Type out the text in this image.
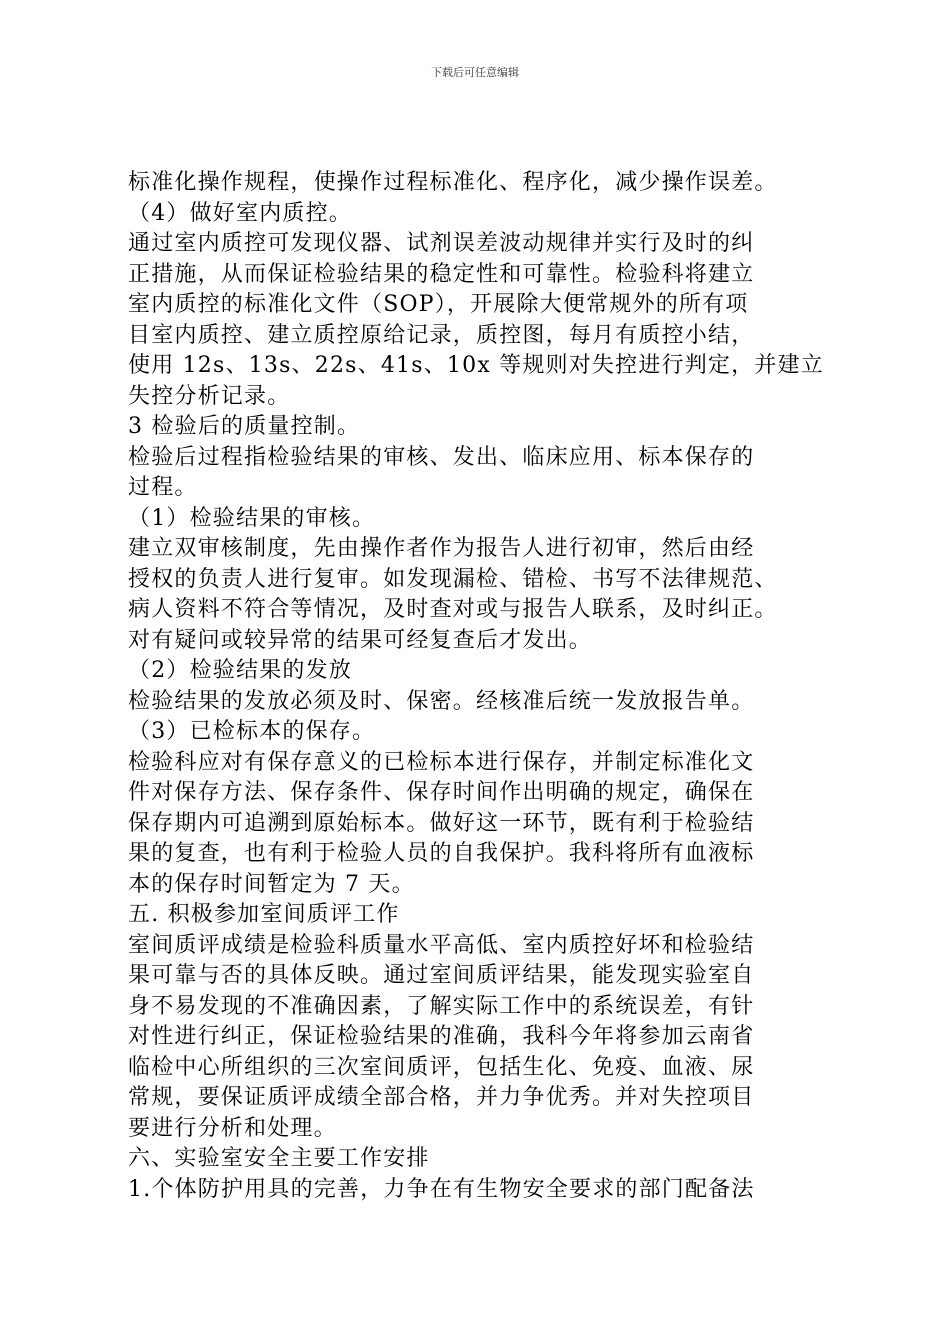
下载后可任意编辑
标准化操作规程，使操作过程标准化、程序化，减少操作误差。
（4）做好室内质控。
通过室内质控可发现仪器、试剂误差波动规律并实行及时的纠
正措施，从而保证检验结果的稳定性和可靠性。检验科将建立
室内质控的标准化文件（SOP），开展除大便常规外的所有项
目室内质控、建立质控原给记录，质控图，每月有质控小结，
使用 12s、13s、22s、41s、10x 等规则对失控进行判定，并建立
失控分析记录。
3 检验后的质量控制。
检验后过程指检验结果的审核、发出、临床应用、标本保存的
过程。
（1）检验结果的审核。
建立双审核制度，先由操作者作为报告人进行初审，然后由经
授权的负责人进行复审。如发现漏检、错检、书写不法律规范、
病人资料不符合等情况，及时查对或与报告人联系，及时纠正。
对有疑问或较异常的结果可经复查后才发出。
（2）检验结果的发放
检验结果的发放必须及时、保密。经核准后统一发放报告单。
（3）已检标本的保存。
检验科应对有保存意义的已检标本进行保存，并制定标准化文
件对保存方法、保存条件、保存时间作出明确的规定，确保在
保存期内可追溯到原始标本。做好这一环节，既有利于检验结
果的复查，也有利于检验人员的自我保护。我科将所有血液标
本的保存时间暂定为 7 天。
五. 积极参加室间质评工作
室间质评成绩是检验科质量水平高低、室内质控好坏和检验结
果可靠与否的具体反映。通过室间质评结果，能发现实验室自
身不易发现的不准确因素，了解实际工作中的系统误差，有针
对性进行纠正，保证检验结果的准确，我科今年将参加云南省
临检中心所组织的三次室间质评，包括生化、免疫、血液、尿
常规，要保证质评成绩全部合格，并力争优秀。并对失控项目
要进行分析和处理。
六、实验室安全主要工作安排
1.个体防护用具的完善，力争在有生物安全要求的部门配备法
